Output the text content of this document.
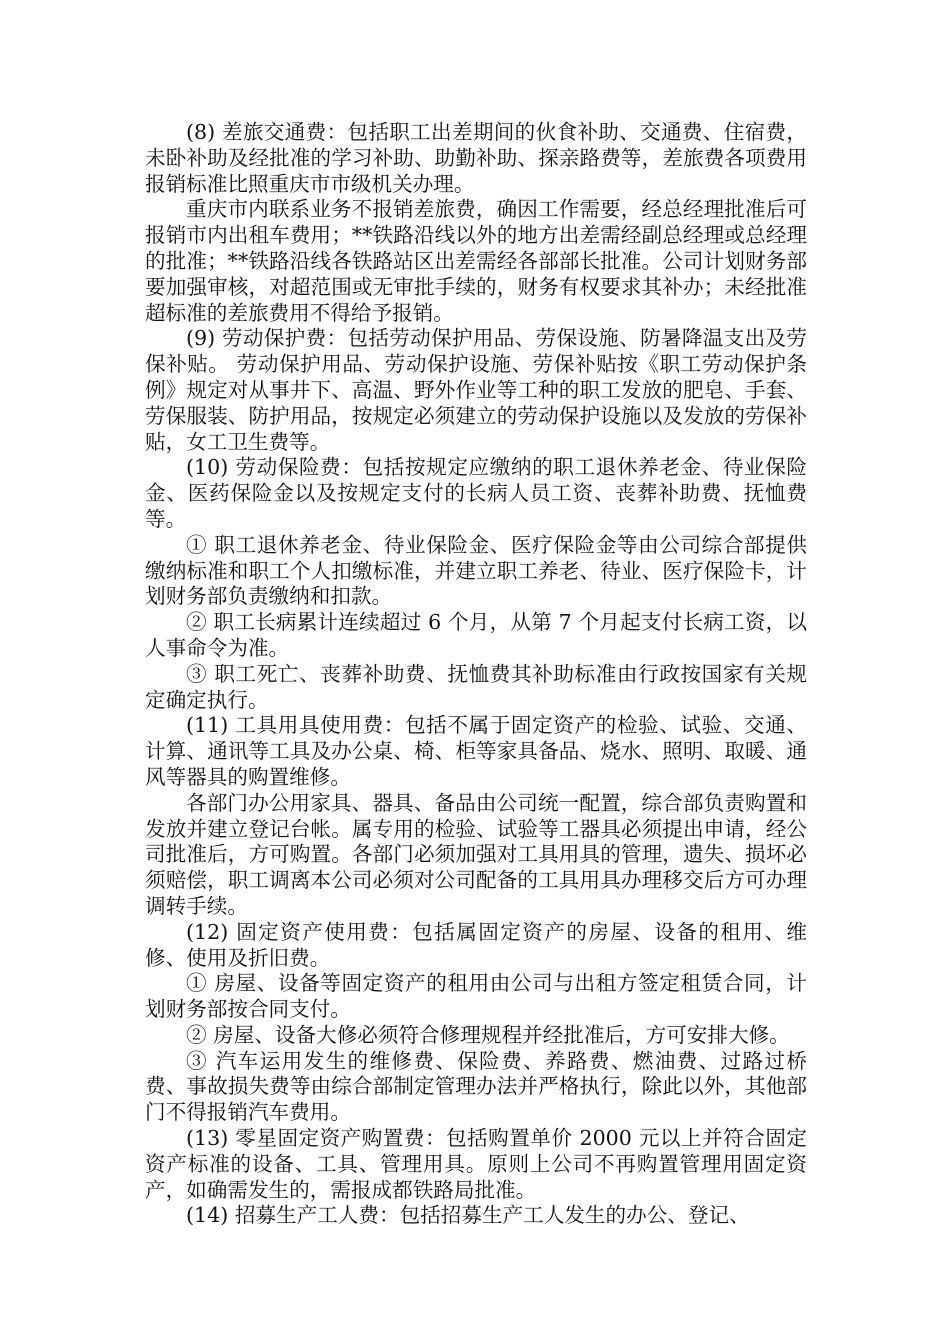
(8) 差旅交通费：包括职工出差期间的伙食补助、交通费、住宿费，未卧补助及经批准的学习补助、助勤补助、探亲路费等，差旅费各项费用报销标准比照重庆市市级机关办理。

重庆市内联系业务不报销差旅费，确因工作需要，经总经理批准后可报销市内出租车费用；**铁路沿线以外的地方出差需经副总经理或总经理的批准；**铁路沿线各铁路站区出差需经各部部长批准。公司计划财务部要加强审核，对超范围或无审批手续的，财务有权要求其补办；未经批准超标准的差旅费用不得给予报销。

(9) 劳动保护费：包括劳动保护用品、劳保设施、防暑降温支出及劳保补贴。 劳动保护用品、劳动保护设施、劳保补贴按《职工劳动保护条例》规定对从事井下、高温、野外作业等工种的职工发放的肥皂、手套、劳保服装、防护用品，按规定必须建立的劳动保护设施以及发放的劳保补贴，女工卫生费等。

(10) 劳动保险费：包括按规定应缴纳的职工退休养老金、待业保险金、医药保险金以及按规定支付的长病人员工资、丧葬补助费、抚恤费等。

① 职工退休养老金、待业保险金、医疗保险金等由公司综合部提供缴纳标准和职工个人扣缴标准，并建立职工养老、待业、医疗保险卡，计划财务部负责缴纳和扣款。

② 职工长病累计连续超过 6 个月，从第 7 个月起支付长病工资，以人事命令为准。

③ 职工死亡、丧葬补助费、抚恤费其补助标准由行政按国家有关规定确定执行。

(11) 工具用具使用费：包括不属于固定资产的检验、试验、交通、计算、通讯等工具及办公桌、椅、柜等家具备品、烧水、照明、取暖、通风等器具的购置维修。

各部门办公用家具、器具、备品由公司统一配置，综合部负责购置和发放并建立登记台帐。属专用的检验、试验等工器具必须提出申请，经公司批准后，方可购置。各部门必须加强对工具用具的管理，遗失、损坏必须赔偿，职工调离本公司必须对公司配备的工具用具办理移交后方可办理调转手续。

(12) 固定资产使用费：包括属固定资产的房屋、设备的租用、维修、使用及折旧费。

① 房屋、设备等固定资产的租用由公司与出租方签定租赁合同，计划财务部按合同支付。

② 房屋、设备大修必须符合修理规程并经批准后，方可安排大修。

③ 汽车运用发生的维修费、保险费、养路费、燃油费、过路过桥费、事故损失费等由综合部制定管理办法并严格执行，除此以外，其他部门不得报销汽车费用。

(13) 零星固定资产购置费：包括购置单价 2000 元以上并符合固定资产标准的设备、工具、管理用具。原则上公司不再购置管理用固定资产，如确需发生的，需报成都铁路局批准。

(14) 招募生产工人费：包括招募生产工人发生的办公、登记、
